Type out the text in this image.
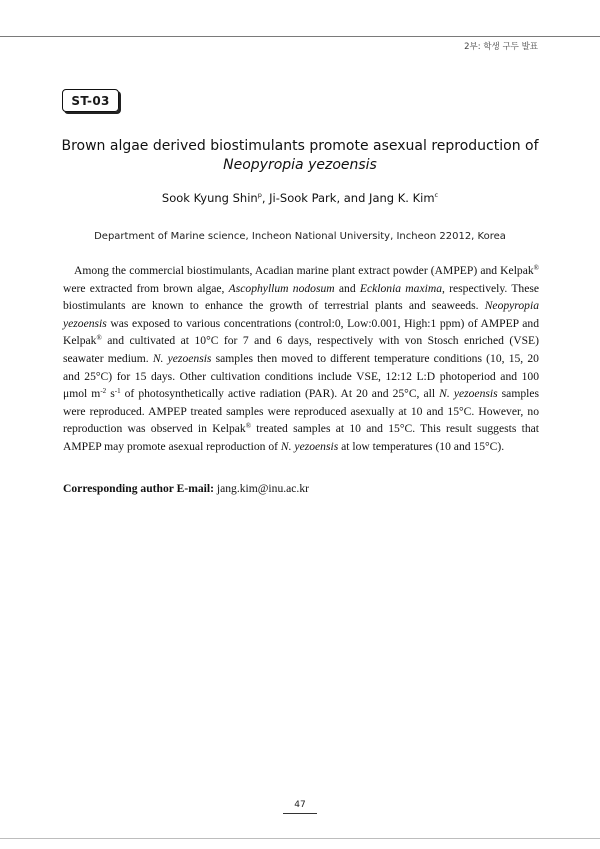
2부: 학생 구두 발표
ST-03
Brown algae derived biostimulants promote asexual reproduction of
Neopyropia yezoensis
Sook Kyung Shin$^p$, Ji-Sook Park, and Jang K. Kim$^c$
Department of Marine science, Incheon National University, Incheon 22012, Korea

Among the commercial biostimulants, Acadian marine plant extract powder (AMPEP) and Kelpak® were extracted from brown algae, Ascophyllum nodosum and Ecklonia maxima, respectively. These biostimulants are known to enhance the growth of terrestrial plants and seaweeds. Neopyropia yezoensis was exposed to various concentrations (control:0, Low:0.001, High:1 ppm) of AMPEP and Kelpak® and cultivated at 10°C for 7 and 6 days, respectively with von Stosch enriched (VSE) seawater medium. N. yezoensis samples then moved to different temperature conditions (10, 15, 20 and 25°C) for 15 days. Other cultivation conditions include VSE, 12:12 L:D photoperiod and 100 μmol $m^{-2}$ $s^{-1}$ of photosynthetically active radiation (PAR). At 20 and 25°C, all N. yezoensis samples were reproduced. AMPEP treated samples were reproduced asexually at 10 and 15°C. However, no reproduction was observed in Kelpak® treated samples at 10 and 15°C. This result suggests that AMPEP may promote asexual reproduction of N. yezoensis at low temperatures (10 and 15°C).

Corresponding author E-mail: jang.kim@inu.ac.kr
47
